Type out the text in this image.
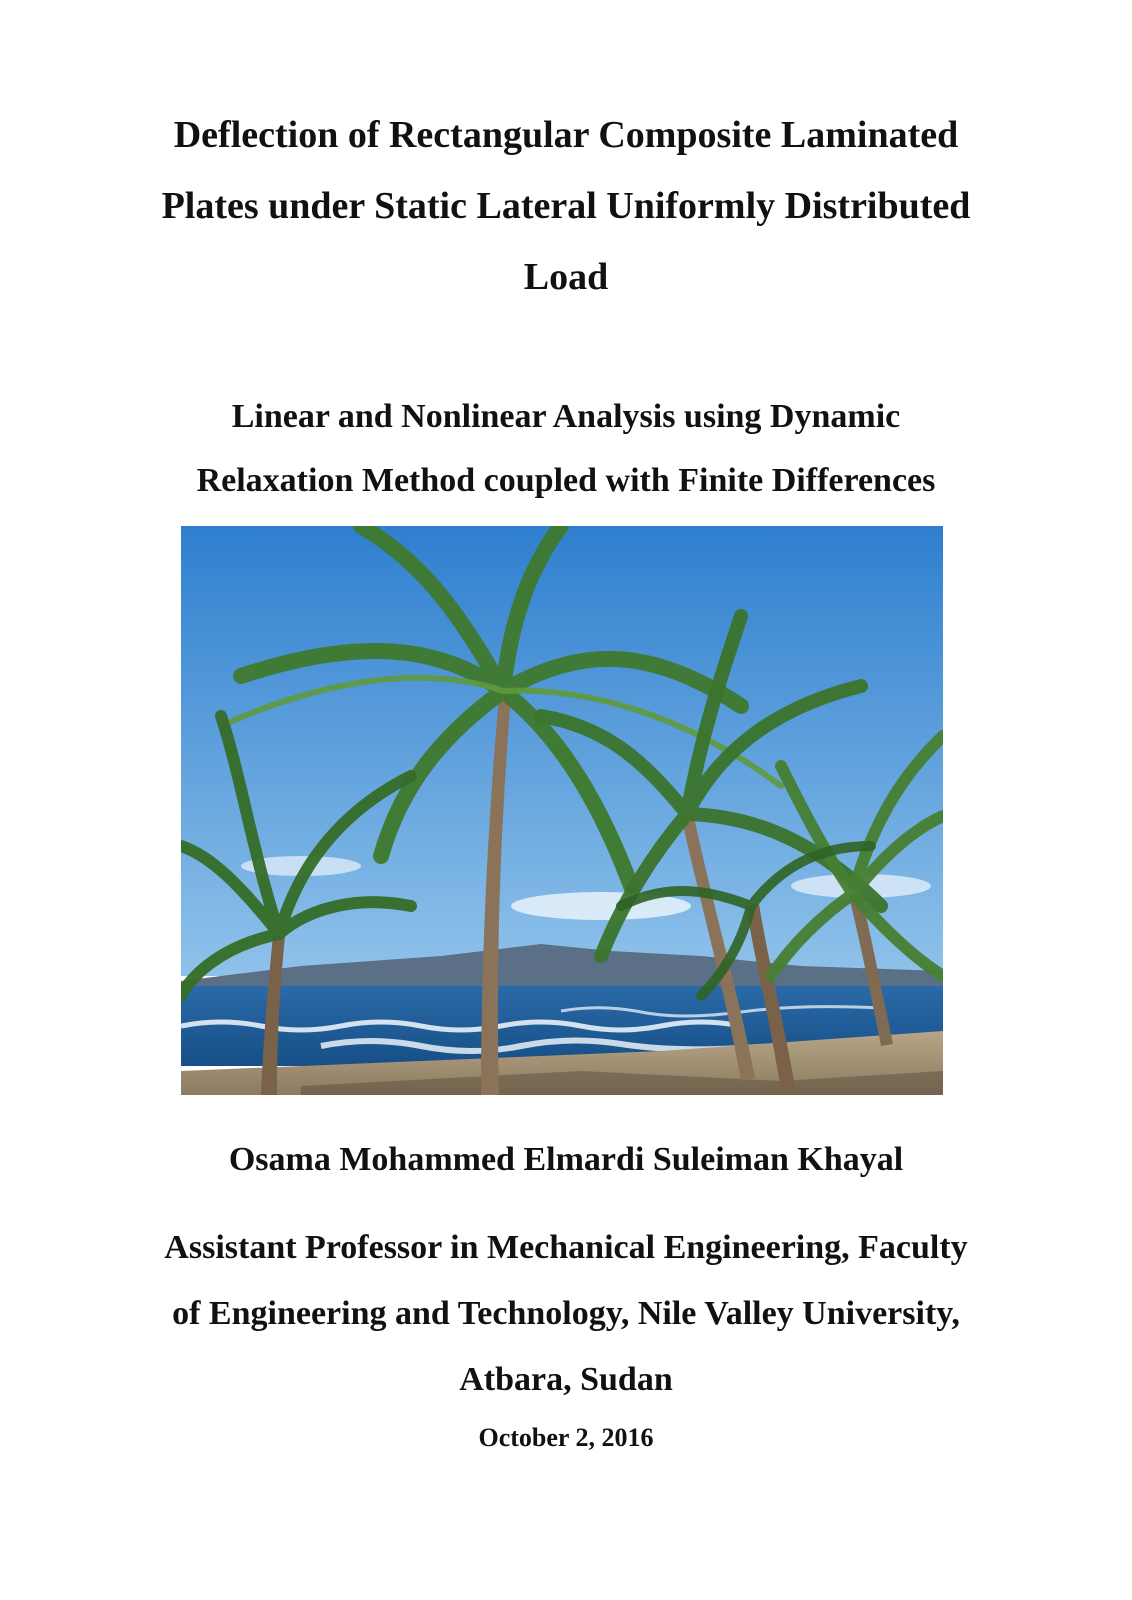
Deflection of Rectangular Composite Laminated
Plates under Static Lateral Uniformly Distributed
Load
Linear and Nonlinear Analysis using Dynamic
Relaxation Method coupled with Finite Differences

Osama Mohammed Elmardi Suleiman Khayal

Assistant Professor in Mechanical Engineering, Faculty
of Engineering and Technology, Nile Valley University,
Atbara, Sudan

October 2, 2016
